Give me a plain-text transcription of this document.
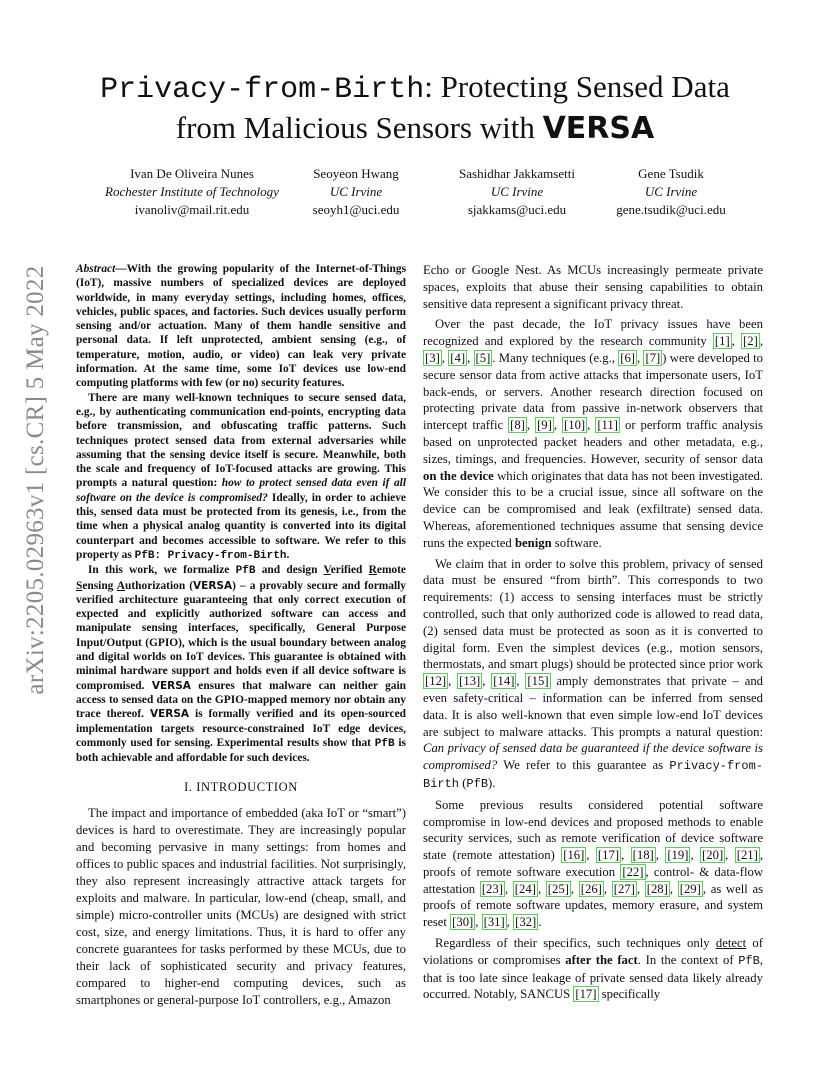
arXiv:2205.02963v1 [cs.CR] 5 May 2022
Privacy-from-Birth: Protecting Sensed Data
from Malicious Sensors with VERSA
Ivan De Oliveira Nunes
Rochester Institute of Technology
ivanoliv@mail.rit.edu
Seoyeon Hwang
UC Irvine
seoyh1@uci.edu
Sashidhar Jakkamsetti
UC Irvine
sjakkams@uci.edu
Gene Tsudik
UC Irvine
gene.tsudik@uci.edu

Abstract—With the growing popularity of the Internet-of-Things (IoT), massive numbers of specialized devices are deployed worldwide, in many everyday settings, including homes, offices, vehicles, public spaces, and factories. Such devices usually perform sensing and/or actuation. Many of them handle sensitive and personal data. If left unprotected, ambient sensing (e.g., of temperature, motion, audio, or video) can leak very private information. At the same time, some IoT devices use low-end computing platforms with few (or no) security features.

There are many well-known techniques to secure sensed data, e.g., by authenticating communication end-points, encrypting data before transmission, and obfuscating traffic patterns. Such techniques protect sensed data from external adversaries while assuming that the sensing device itself is secure. Meanwhile, both the scale and frequency of IoT-focused attacks are growing. This prompts a natural question: how to protect sensed data even if all software on the device is compromised? Ideally, in order to achieve this, sensed data must be protected from its genesis, i.e., from the time when a physical analog quantity is converted into its digital counterpart and becomes accessible to software. We refer to this property as PfB: Privacy-from-Birth.

In this work, we formalize PfB and design Verified Remote Sensing Authorization (VERSA) – a provably secure and formally verified architecture guaranteeing that only correct execution of expected and explicitly authorized software can access and manipulate sensing interfaces, specifically, General Purpose Input/Output (GPIO), which is the usual boundary between analog and digital worlds on IoT devices. This guarantee is obtained with minimal hardware support and holds even if all device software is compromised. VERSA ensures that malware can neither gain access to sensed data on the GPIO-mapped memory nor obtain any trace thereof. VERSA is formally verified and its open-sourced implementation targets resource-constrained IoT edge devices, commonly used for sensing. Experimental results show that PfB is both achievable and affordable for such devices.

I. INTRODUCTION

The impact and importance of embedded (aka IoT or “smart”) devices is hard to overestimate. They are increasingly popular and becoming pervasive in many settings: from homes and offices to public spaces and industrial facilities. Not surprisingly, they also represent increasingly attractive attack targets for exploits and malware. In particular, low-end (cheap, small, and simple) micro-controller units (MCUs) are designed with strict cost, size, and energy limitations. Thus, it is hard to offer any concrete guarantees for tasks performed by these MCUs, due to their lack of sophisticated security and privacy features, compared to higher-end computing devices, such as smartphones or general-purpose IoT controllers, e.g., Amazon

Echo or Google Nest. As MCUs increasingly permeate private spaces, exploits that abuse their sensing capabilities to obtain sensitive data represent a significant privacy threat.

Over the past decade, the IoT privacy issues have been recognized and explored by the research community [1] , [2] , [3] , [4] , [5] . Many techniques (e.g., [6] , [7] ) were developed to secure sensor data from active attacks that impersonate users, IoT back-ends, or servers. Another research direction focused on protecting private data from passive in-network observers that intercept traffic [8] , [9] , [10] , [11] or perform traffic analysis based on unprotected packet headers and other metadata, e.g., sizes, timings, and frequencies. However, security of sensor data on the device which originates that data has not been investigated. We consider this to be a crucial issue, since all software on the device can be compromised and leak (exfiltrate) sensed data. Whereas, aforementioned techniques assume that sensing device runs the expected benign software.

We claim that in order to solve this problem, privacy of sensed data must be ensured “from birth”. This corresponds to two requirements: (1) access to sensing interfaces must be strictly controlled, such that only authorized code is allowed to read data, (2) sensed data must be protected as soon as it is converted to digital form. Even the simplest devices (e.g., motion sensors, thermostats, and smart plugs) should be protected since prior work [12] , [13] , [14] , [15] amply demonstrates that private – and even safety-critical – information can be inferred from sensed data. It is also well-known that even simple low-end IoT devices are subject to malware attacks. This prompts a natural question: Can privacy of sensed data be guaranteed if the device software is compromised? We refer to this guarantee as Privacy-from-Birth (PfB).

Some previous results considered potential software compromise in low-end devices and proposed methods to enable security services, such as remote verification of device software state (remote attestation) [16] , [17] , [18] , [19] , [20] , [21] , proofs of remote software execution [22] , control- & data-flow attestation [23] , [24] , [25] , [26] , [27] , [28] , [29] , as well as proofs of remote software updates, memory erasure, and system reset [30] , [31] , [32] .

Regardless of their specifics, such techniques only detect of violations or compromises after the fact. In the context of PfB, that is too late since leakage of private sensed data likely already occurred. Notably, SANCUS [17] specifically
